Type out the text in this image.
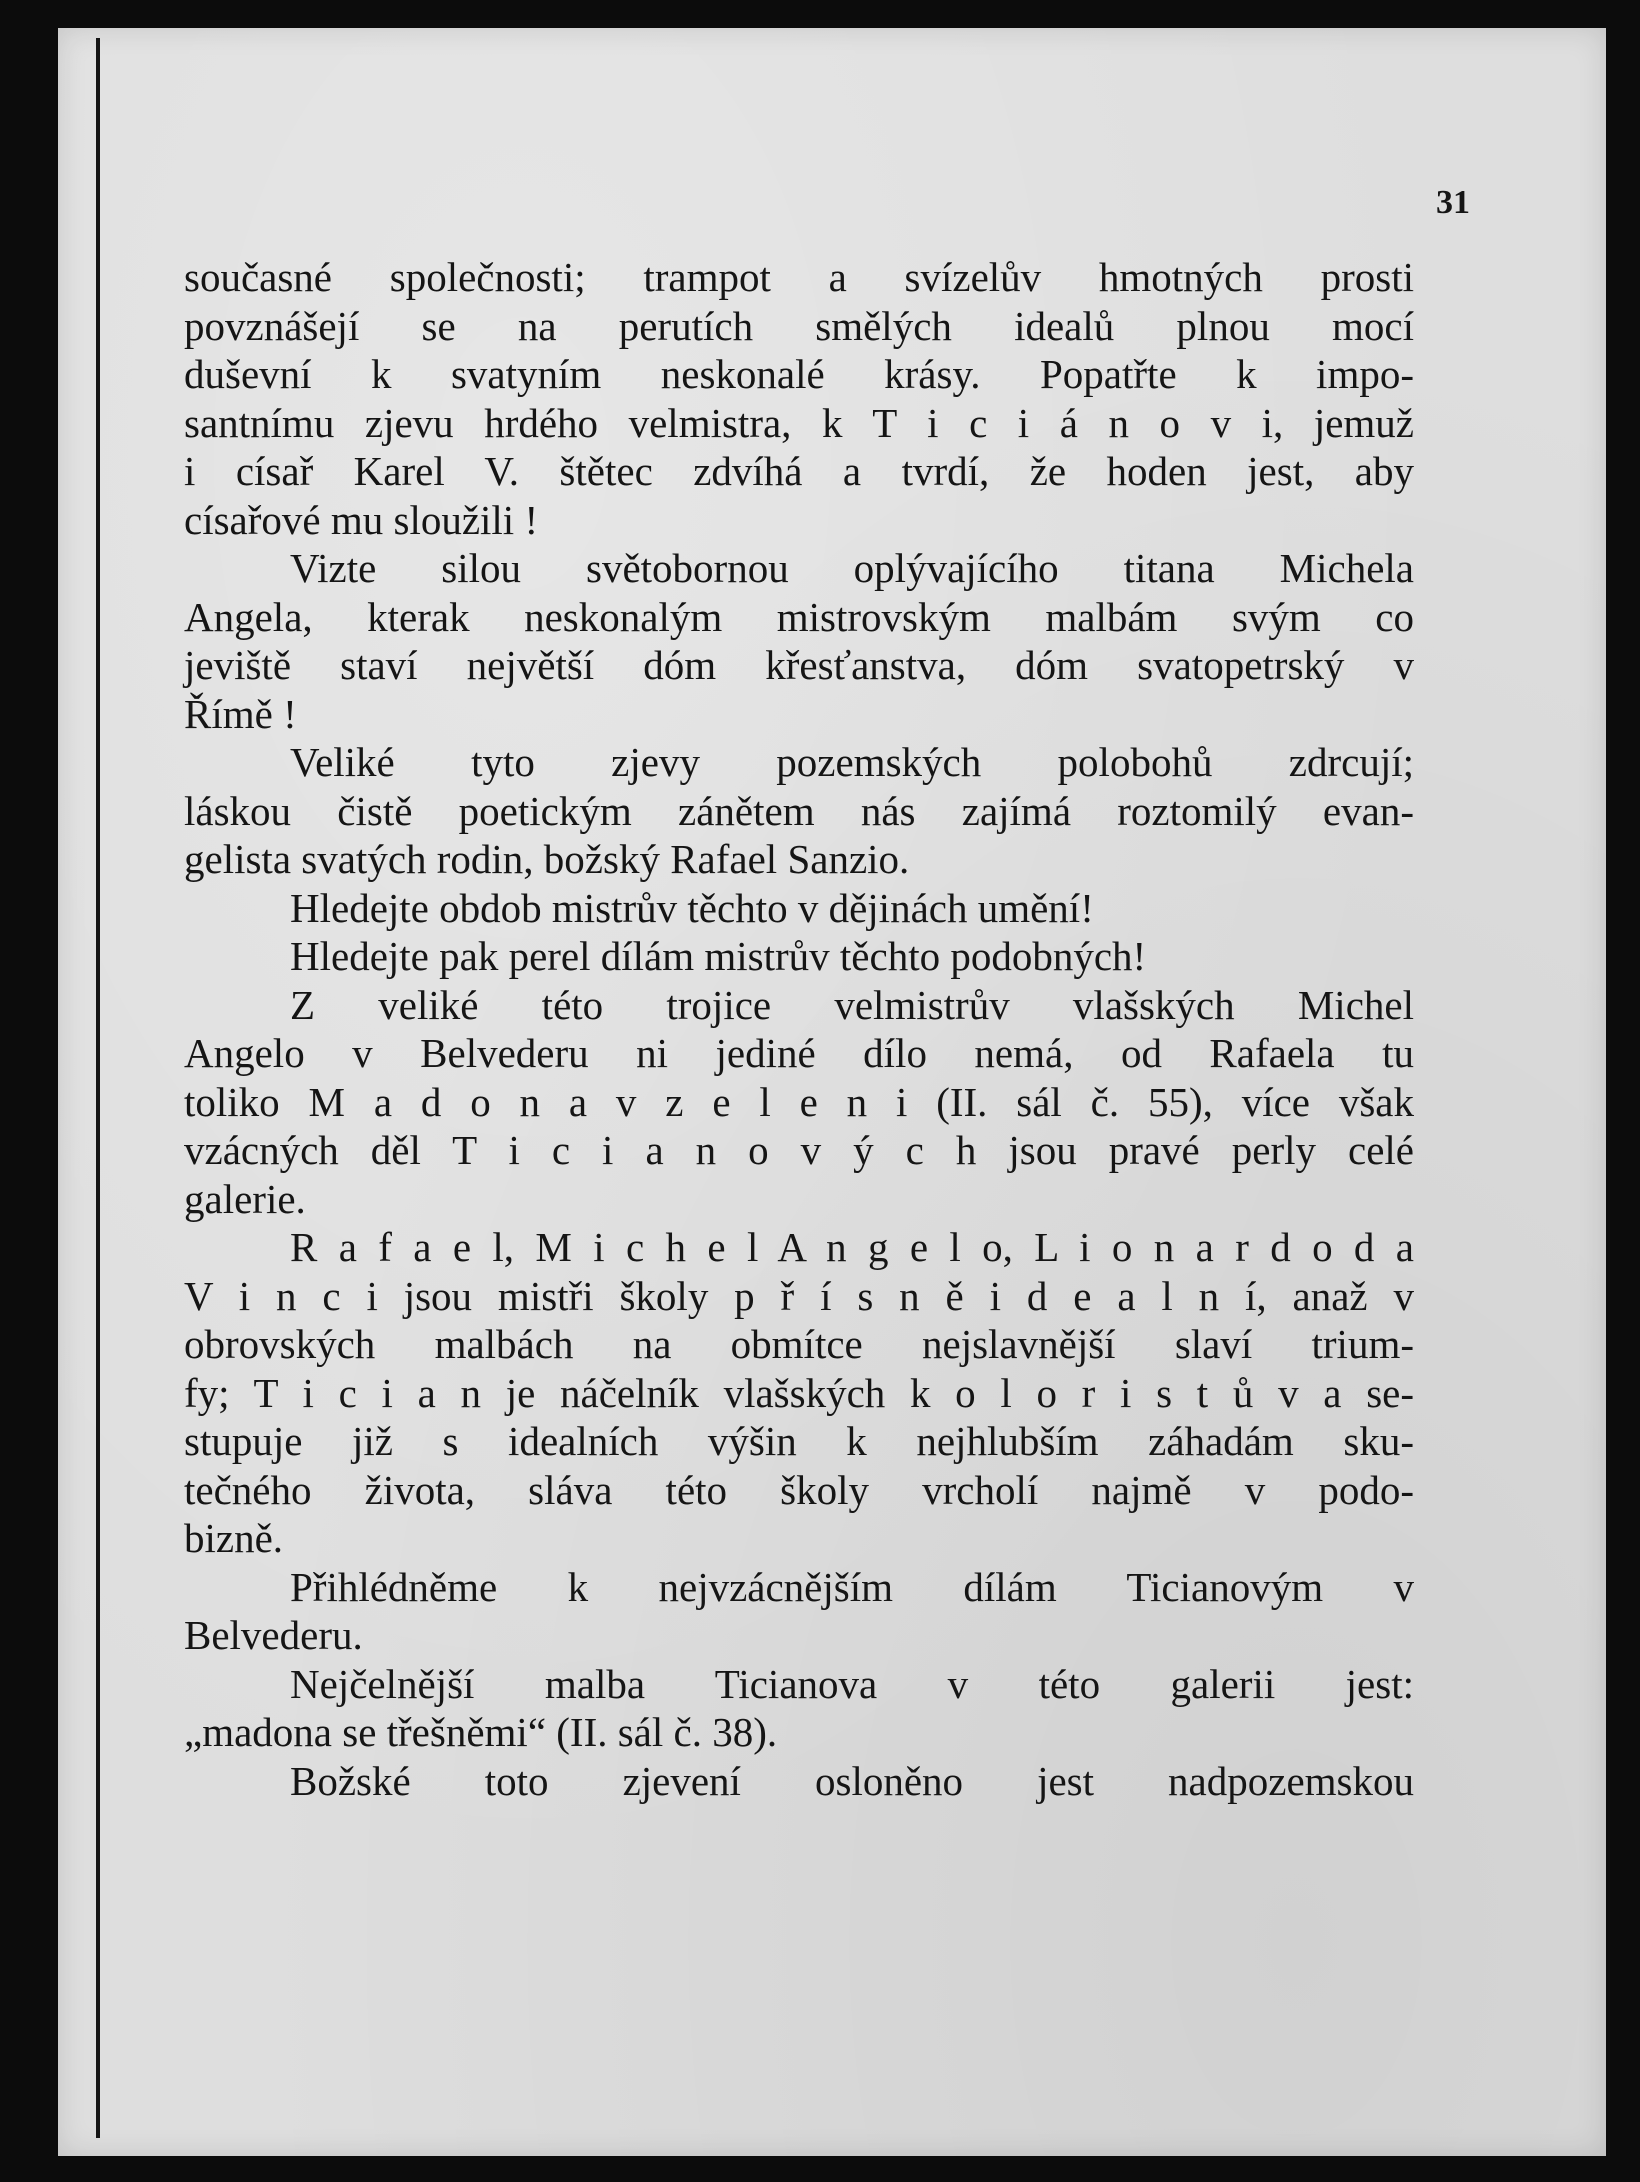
31
současné společnosti; trampot a svízelův hmotných prosti
povznášejí se na perutích smělých idealů plnou mocí
duševní k svatyním neskonalé krásy. Popatřte k impo-
santnímu zjevu hrdého velmistra, k T i c i á n o v i, jemuž
i císař Karel V. štětec zdvíhá a tvrdí, že hoden jest, aby
císařové mu sloužili !
Vizte silou světobornou oplývajícího titana Michela
Angela, kterak neskonalým mistrovským malbám svým co
jeviště staví největší dóm křesťanstva, dóm svatopetrský v
Římě !
Veliké tyto zjevy pozemských polobohů zdrcují;
láskou čistě poetickým zánětem nás zajímá roztomilý evan-
gelista svatých rodin, božský Rafael Sanzio.
Hledejte obdob mistrův těchto v dějinách umění!
Hledejte pak perel dílám mistrův těchto podobných!
Z veliké této trojice velmistrův vlašských Michel
Angelo v Belvederu ni jediné dílo nemá, od Rafaela tu
toliko M a d o n a v z e l e n i (II. sál č. 55), více však
vzácných děl T i c i a n o v ý c h jsou pravé perly celé
galerie.
R a f a e l, M i c h e l A n g e l o, L i o n a r d o d a
V i n c i jsou mistři školy p ř í s n ě i d e a l n í, anaž v
obrovských malbách na obmítce nejslavnější slaví trium-
fy; T i c i a n je náčelník vlašských k o l o r i s t ů v a se-
stupuje již s idealních výšin k nejhlubším záhadám sku-
tečného života, sláva této školy vrcholí najmě v podo-
bizně.
Přihlédněme k nejvzácnějším dílám Ticianovým v
Belvederu.
Nejčelnější malba Ticianova v této galerii jest:
„madona se třešněmi“ (II. sál č. 38).
Božské toto zjevení osloněno jest nadpozemskou
